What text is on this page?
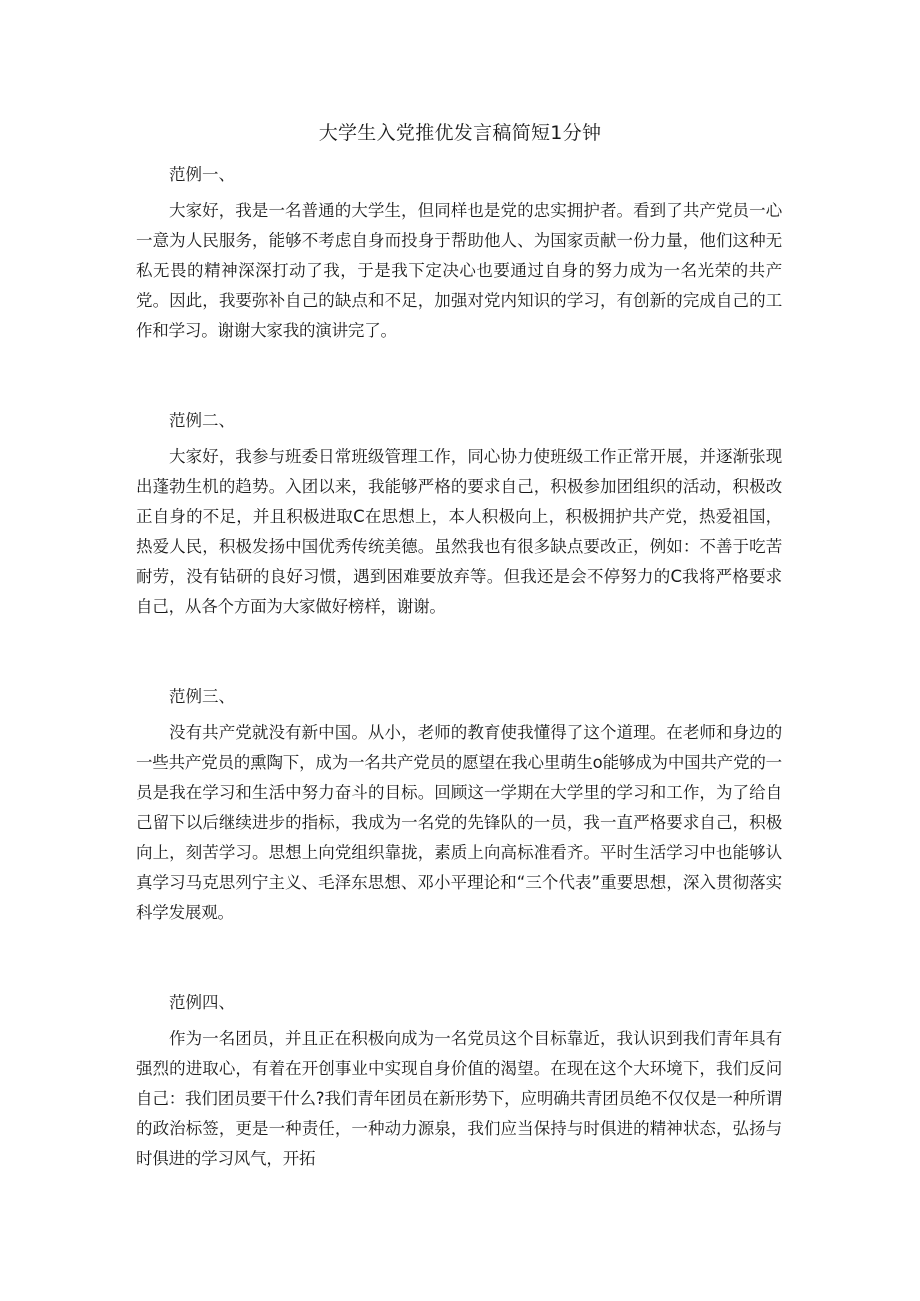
大学生入党推优发言稿简短1分钟

范例一、

大家好，我是一名普通的大学生，但同样也是党的忠实拥护者。看到了共产党员一心一意为人民服务，能够不考虑自身而投身于帮助他人、为国家贡献一份力量，他们这种无私无畏的精神深深打动了我，于是我下定决心也要通过自身的努力成为一名光荣的共产党。因此，我要弥补自己的缺点和不足，加强对党内知识的学习，有创新的完成自己的工作和学习。谢谢大家我的演讲完了。

范例二、

大家好，我参与班委日常班级管理工作，同心协力使班级工作正常开展，并逐渐张现出蓬勃生机的趋势。入团以来，我能够严格的要求自己，积极参加团组织的活动，积极改正自身的不足，并且积极进取C在思想上，本人积极向上，积极拥护共产党，热爱祖国，热爱人民，积极发扬中国优秀传统美德。虽然我也有很多缺点要改正，例如：不善于吃苦耐劳，没有钻研的良好习惯，遇到困难要放弃等。但我还是会不停努力的C我将严格要求自己，从各个方面为大家做好榜样，谢谢。

范例三、

没有共产党就没有新中国。从小，老师的教育使我懂得了这个道理。在老师和身边的一些共产党员的熏陶下，成为一名共产党员的愿望在我心里萌生o能够成为中国共产党的一员是我在学习和生活中努力奋斗的目标。回顾这一学期在大学里的学习和工作，为了给自己留下以后继续进步的指标，我成为一名党的先锋队的一员，我一直严格要求自己，积极向上，刻苦学习。思想上向党组织靠拢，素质上向高标准看齐。平时生活学习中也能够认真学习马克思列宁主义、毛泽东思想、邓小平理论和“三个代表”重要思想，深入贯彻落实科学发展观。

范例四、

作为一名团员，并且正在积极向成为一名党员这个目标靠近，我认识到我们青年具有强烈的进取心，有着在开创事业中实现自身价值的渴望。在现在这个大环境下，我们反问自己：我们团员要干什么?我们青年团员在新形势下，应明确共青团员绝不仅仅是一种所谓的政治标签，更是一种责任，一种动力源泉，我们应当保持与时俱进的精神状态，弘扬与时俱进的学习风气，开拓
